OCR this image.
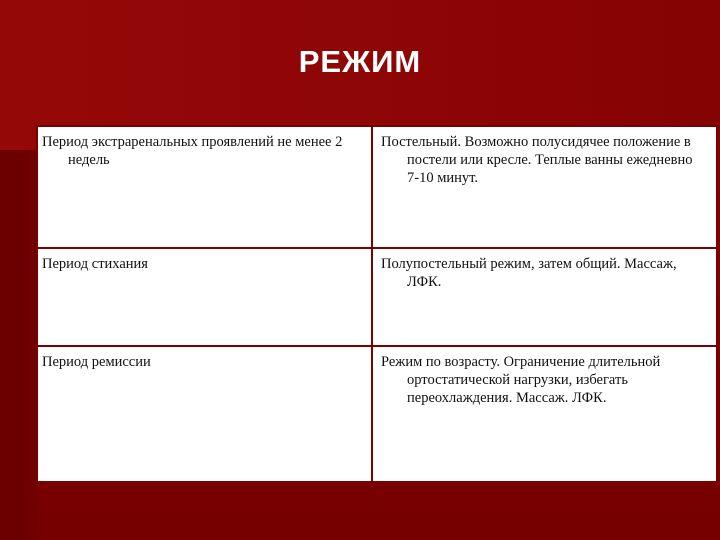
РЕЖИМ
Период экстраренальных проявлений не менее 2 недель	Постельный. Возможно полусидячее положение в постели или кресле. Теплые ванны ежедневно 7-10 минут.

Период стихания	Полупостельный режим, затем общий. Массаж, ЛФК.

Период ремиссии	Режим по возрасту. Ограничение длительной ортостатической нагрузки, избегать переохлаждения. Массаж. ЛФК.
